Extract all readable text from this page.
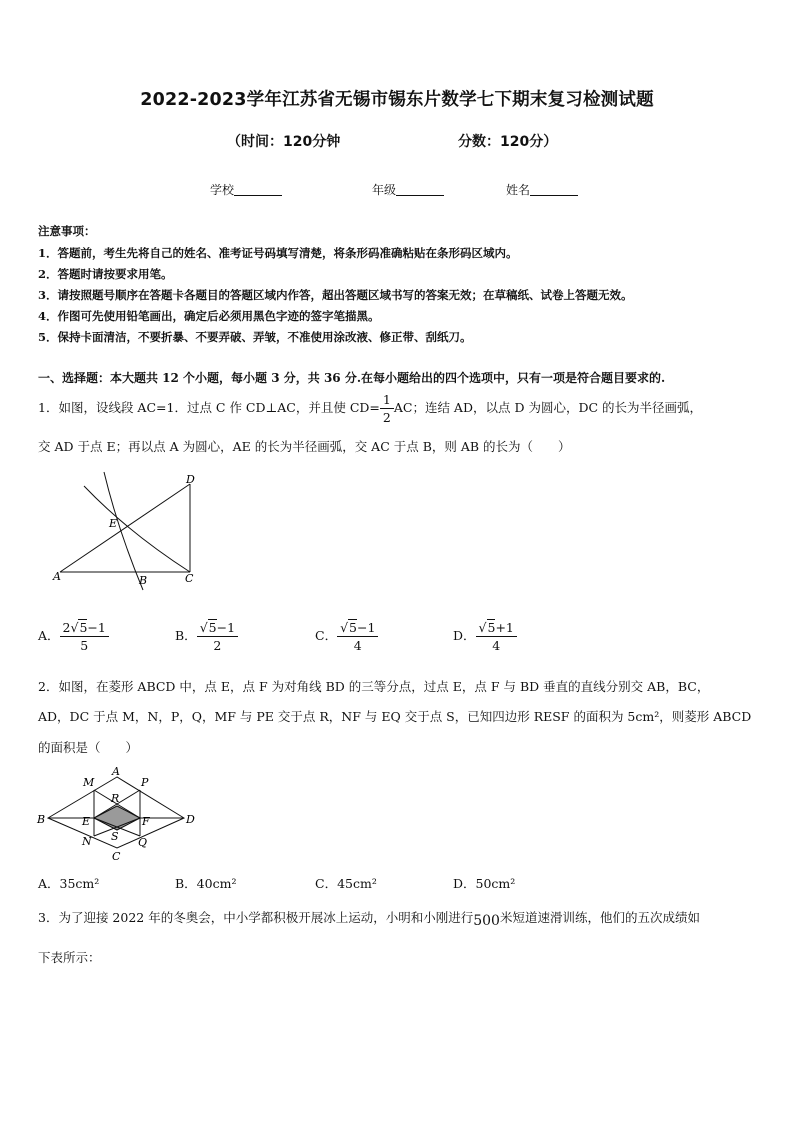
2022-2023学年江苏省无锡市锡东片数学七下期末复习检测试题
（时间：120分钟	分数：120分）
学校	年级	姓名
注意事项：
1．答题前，考生先将自己的姓名、准考证号码填写清楚，将条形码准确粘贴在条形码区域内。
2．答题时请按要求用笔。
3．请按照题号顺序在答题卡各题目的答题区域内作答，超出答题区域书写的答案无效；在草稿纸、试卷上答题无效。
4．作图可先使用铅笔画出，确定后必须用黑色字迹的签字笔描黑。
5．保持卡面清洁，不要折暴、不要弄破、弄皱，不准使用涂改液、修正带、刮纸刀。
一、选择题：本大题共 12 个小题，每小题 3 分，共 36 分.在每小题给出的四个选项中，只有一项是符合题目要求的.
1．如图，设线段 AC=1．过点 C 作 CD⊥AC，并且使 $CD= \frac{1}{2}$ AC；连结 AD，以点 D 为圆心，DC 的长为半径画弧，
交 AD 于点 E；再以点 A 为圆心，AE 的长为半径画弧，交 AC 于点 B，则 AB 的长为（　　）
D
E
A	B	C
A． $\frac{2√5-1}{5}$	B． $\frac{√5-1}{2}$	C． $\frac{√5-1}{4}$	D． $\frac{√5+1}{4}$
2．如图，在菱形 ABCD 中，点 E，点 F 为对角线 BD 的三等分点，过点 E，点 F 与 BD 垂直的直线分别交 AB，BC，
AD，DC 于点 M，N，P，Q，MF 与 PE 交于点 R，NF 与 EQ 交于点 S，已知四边形 RESF 的面积为 5cm²，则菱形 ABCD
的面积是（　　）
A
B
C
D
E	F
M
N
P
Q
R
S
A．35cm²	B．40cm²	C．45cm²	D．50cm²
3．为了迎接 2022 年的冬奥会，中小学都积极开展冰上运动，小明和小刚进行500米短道速滑训练，他们的五次成绩如
下表所示：
